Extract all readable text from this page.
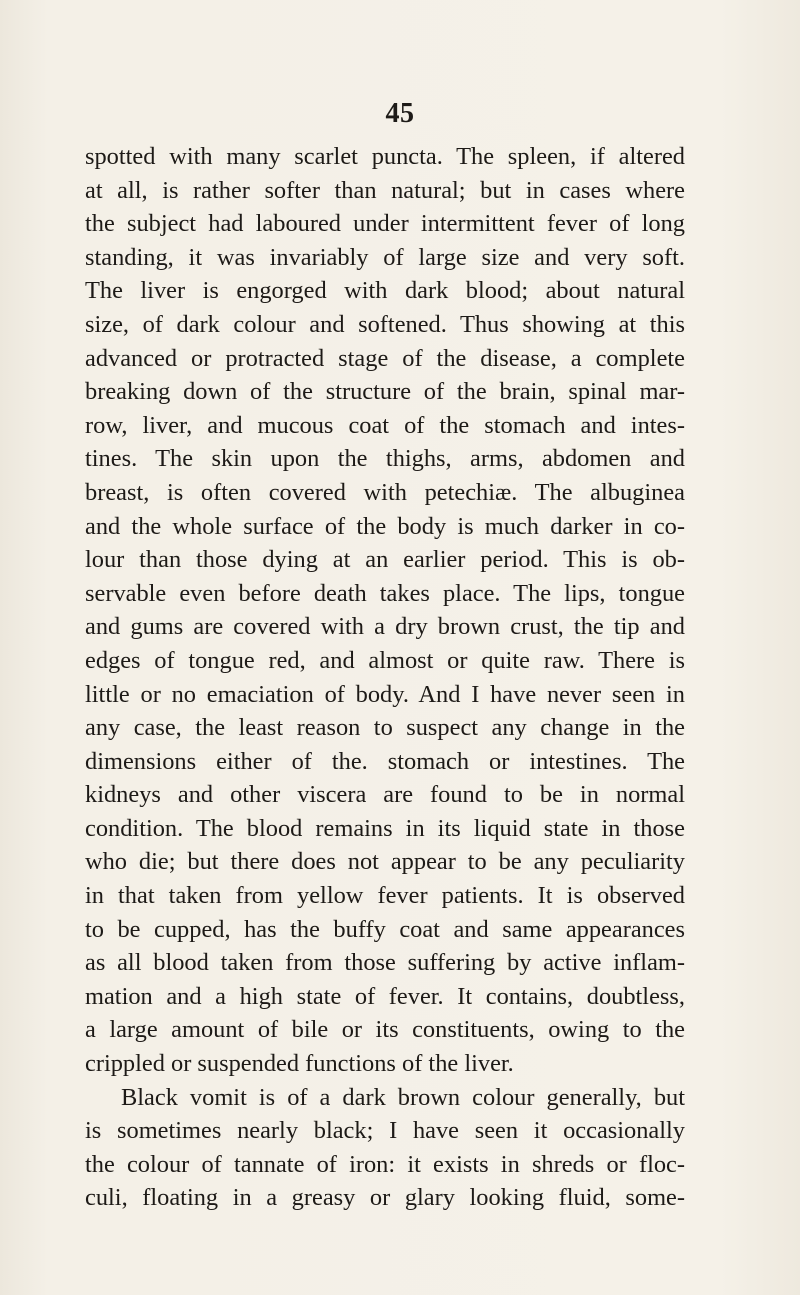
45

spotted with many scarlet puncta. The spleen, if altered
at all, is rather softer than natural; but in cases where
the subject had laboured under intermittent fever of long
standing, it was invariably of large size and very soft.
The liver is engorged with dark blood; about natural
size, of dark colour and softened. Thus showing at this
advanced or protracted stage of the disease, a complete
breaking down of the structure of the brain, spinal mar-
row, liver, and mucous coat of the stomach and intes-
tines. The skin upon the thighs, arms, abdomen and
breast, is often covered with petechiæ. The albuginea
and the whole surface of the body is much darker in co-
lour than those dying at an earlier period. This is ob-
servable even before death takes place. The lips, tongue
and gums are covered with a dry brown crust, the tip and
edges of tongue red, and almost or quite raw. There is
little or no emaciation of body. And I have never seen in
any case, the least reason to suspect any change in the
dimensions either of the. stomach or intestines. The
kidneys and other viscera are found to be in normal
condition. The blood remains in its liquid state in those
who die; but there does not appear to be any peculiarity
in that taken from yellow fever patients. It is observed
to be cupped, has the buffy coat and same appearances
as all blood taken from those suffering by active inflam-
mation and a high state of fever. It contains, doubtless,
a large amount of bile or its constituents, owing to the
crippled or suspended functions of the liver.
Black vomit is of a dark brown colour generally, but
is sometimes nearly black; I have seen it occasionally
the colour of tannate of iron: it exists in shreds or floc-
culi, floating in a greasy or glary looking fluid, some-
